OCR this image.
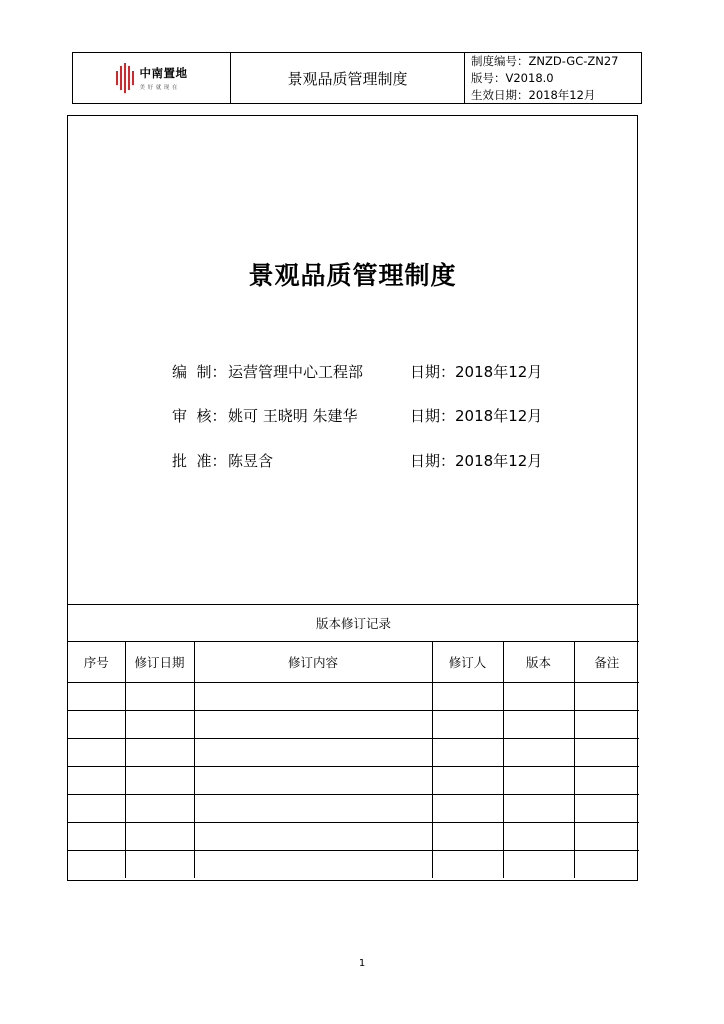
中南置地
美好就现在
景观品质管理制度
制度编号：ZNZD-GC-ZN27
版号：V2018.0
生效日期：2018年12月
景观品质管理制度
编  制： 运营管理中心工程部	日期： 2018年12月
审  核： 姚可 王晓明 朱建华	日期： 2018年12月
批  准： 陈昱含	日期： 2018年12月
版本修订记录					
序号	修订日期	修订内容	修订人	版本	备注

1
